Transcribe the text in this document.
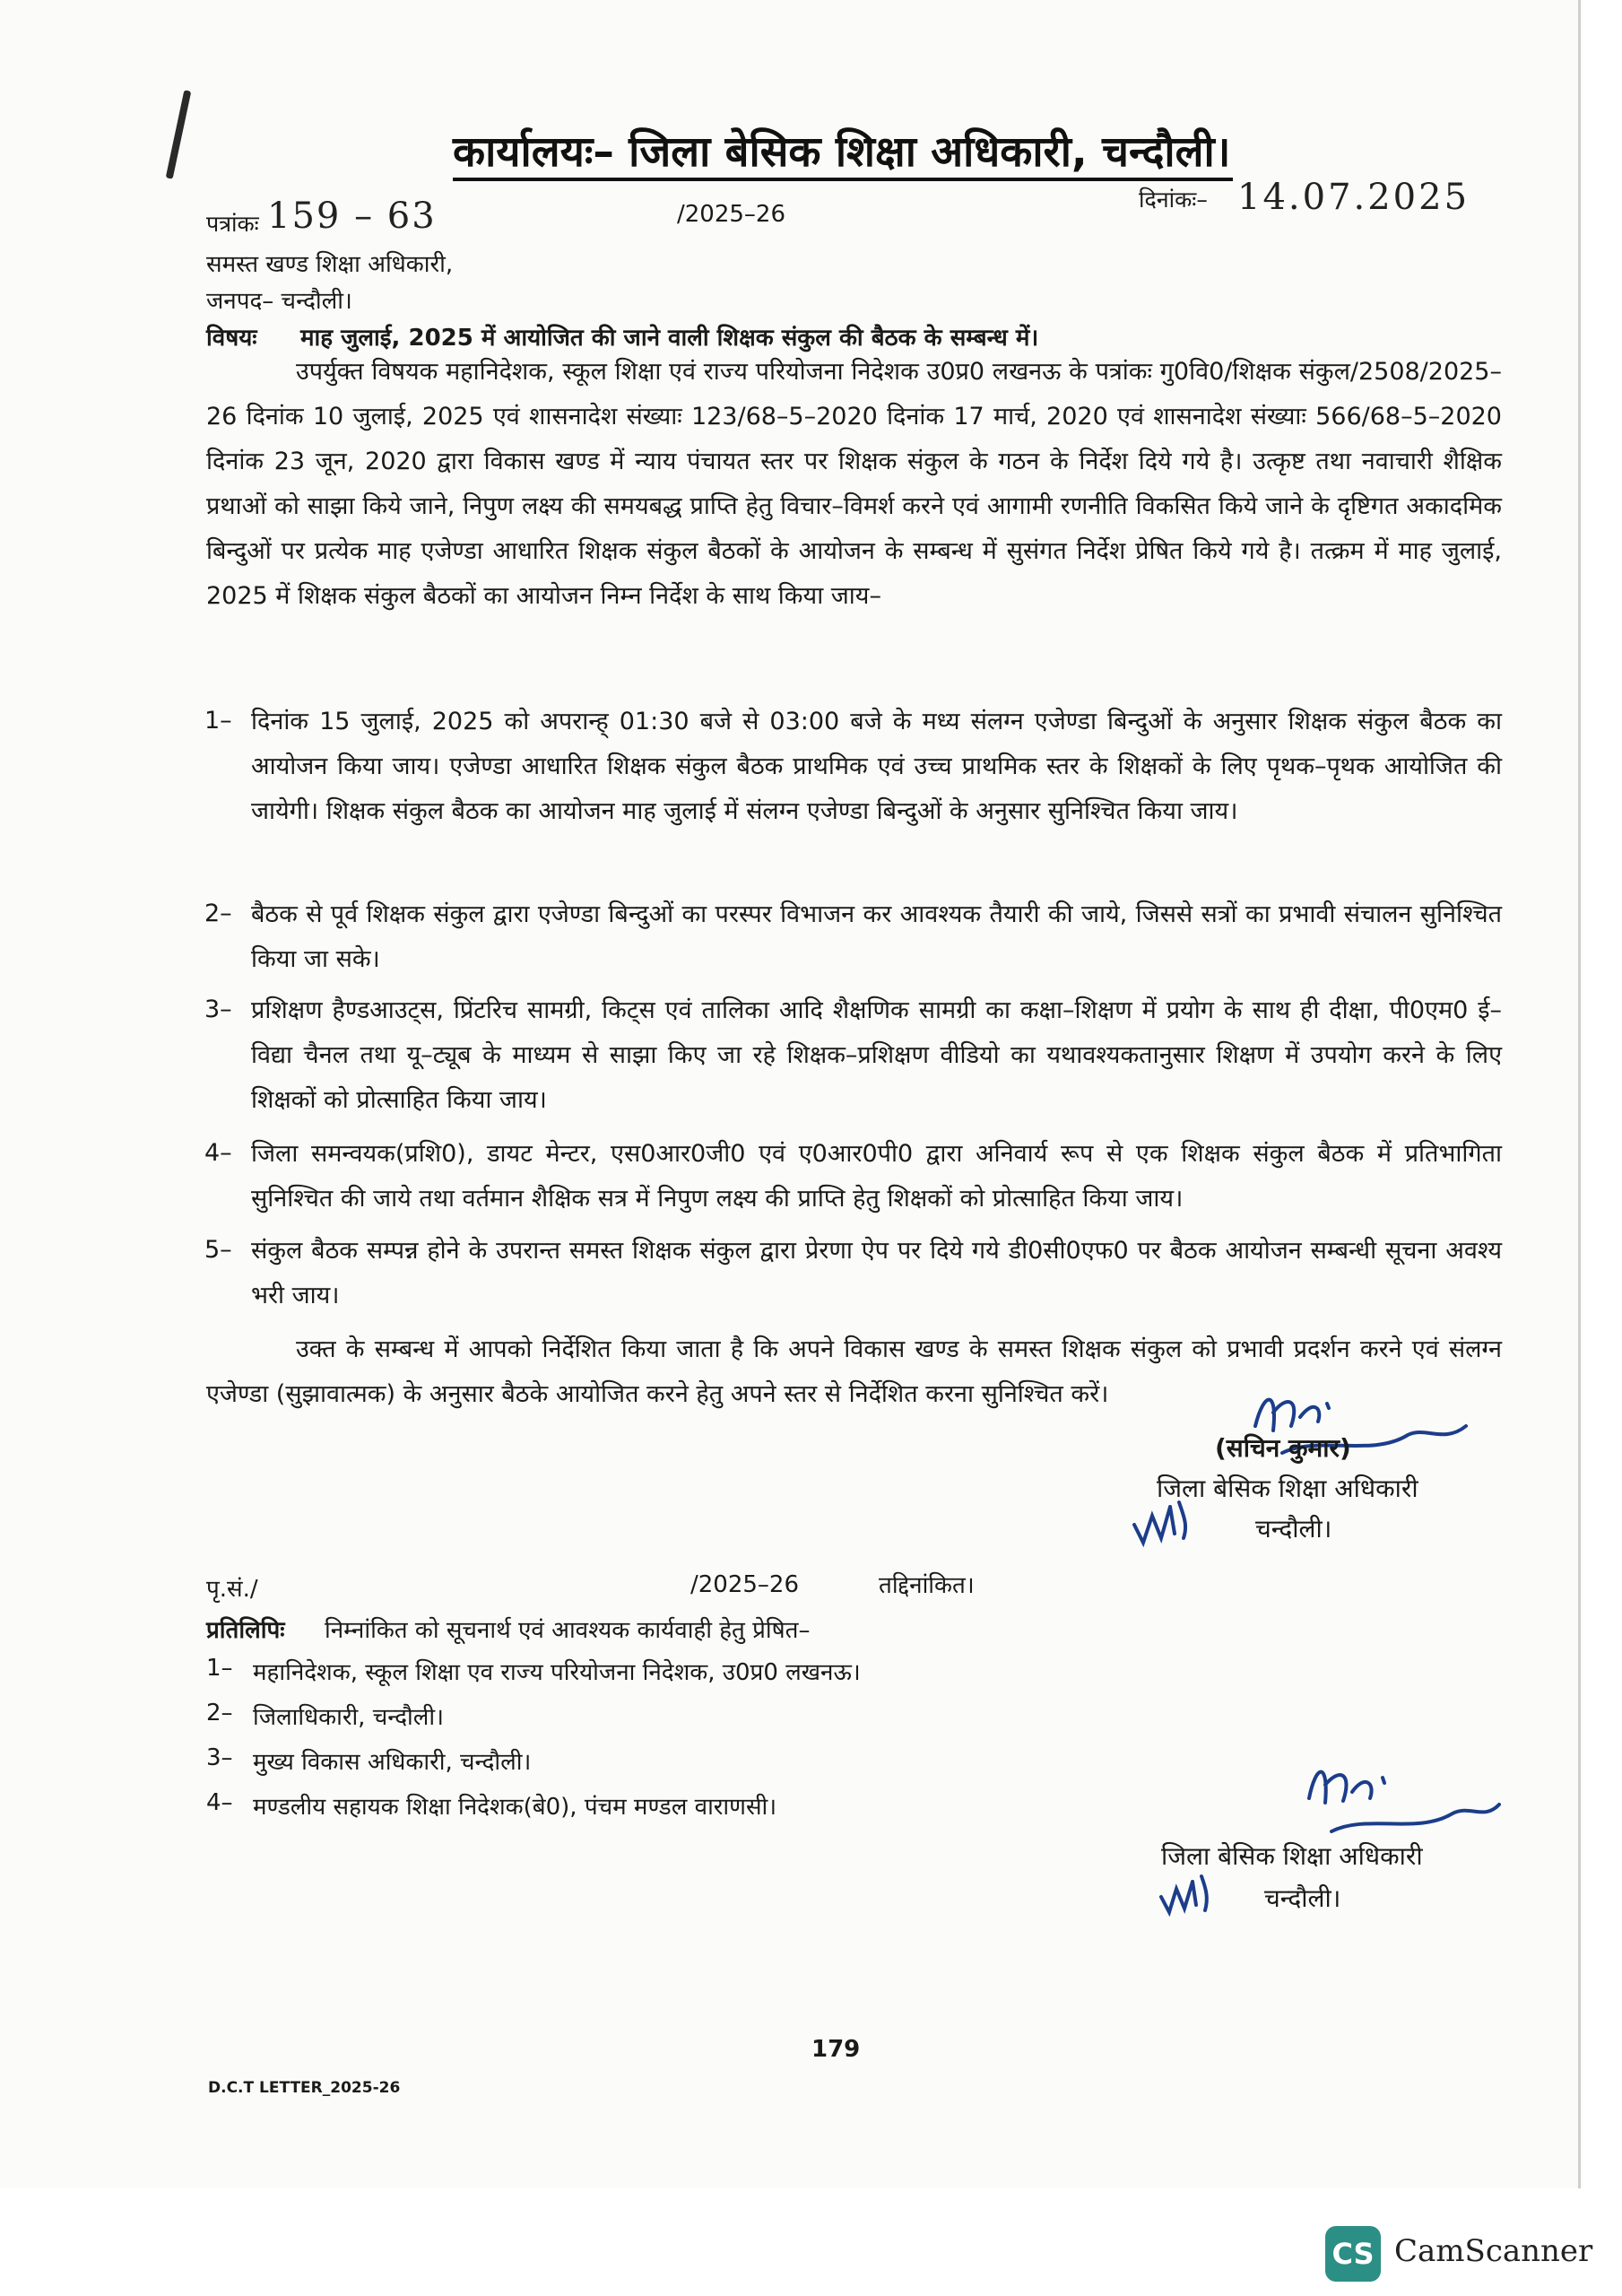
कार्यालयः– जिला बेसिक शिक्षा अधिकारी, चन्दौली।
दिनांकः– 14.07.2025
पत्रांकः 159 – 63	/2025–26
समस्त खण्ड शिक्षा अधिकारी,
जनपद– चन्दौली।
विषयः माह जुलाई, 2025 में आयोजित की जाने वाली शिक्षक संकुल की बैठक के सम्बन्ध में।
उपर्युक्त विषयक महानिदेशक, स्कूल शिक्षा एवं राज्य परियोजना निदेशक उ0प्र0 लखनऊ के पत्रांकः गु0वि0/शिक्षक संकुल/2508/2025–26 दिनांक 10 जुलाई, 2025 एवं शासनादेश संख्याः 123/68–5–2020 दिनांक 17 मार्च, 2020 एवं शासनादेश संख्याः 566/68–5–2020 दिनांक 23 जून, 2020 द्वारा विकास खण्ड में न्याय पंचायत स्तर पर शिक्षक संकुल के गठन के निर्देश दिये गये है। उत्कृष्ट तथा नवाचारी शैक्षिक प्रथाओं को साझा किये जाने, निपुण लक्ष्य की समयबद्ध प्राप्ति हेतु विचार–विमर्श करने एवं आगामी रणनीति विकसित किये जाने के दृष्टिगत अकादमिक बिन्दुओं पर प्रत्येक माह एजेण्डा आधारित शिक्षक संकुल बैठकों के आयोजन के सम्बन्ध में सुसंगत निर्देश प्रेषित किये गये है। तत्क्रम में माह जुलाई, 2025 में शिक्षक संकुल बैठकों का आयोजन निम्न निर्देश के साथ किया जाय–
1– दिनांक 15 जुलाई, 2025 को अपरान्ह् 01:30 बजे से 03:00 बजे के मध्य संलग्न एजेण्डा बिन्दुओं के अनुसार शिक्षक संकुल बैठक का आयोजन किया जाय। एजेण्डा आधारित शिक्षक संकुल बैठक प्राथमिक एवं उच्च प्राथमिक स्तर के शिक्षकों के लिए पृथक–पृथक आयोजित की जायेगी। शिक्षक संकुल बैठक का आयोजन माह जुलाई में संलग्न एजेण्डा बिन्दुओं के अनुसार सुनिश्चित किया जाय।
2– बैठक से पूर्व शिक्षक संकुल द्वारा एजेण्डा बिन्दुओं का परस्पर विभाजन कर आवश्यक तैयारी की जाये, जिससे सत्रों का प्रभावी संचालन सुनिश्चित किया जा सके।
3– प्रशिक्षण हैण्डआउट्स, प्रिंटरिच सामग्री, किट्स एवं तालिका आदि शैक्षणिक सामग्री का कक्षा–शिक्षण में प्रयोग के साथ ही दीक्षा, पी0एम0 ई–विद्या चैनल तथा यू–ट्यूब के माध्यम से साझा किए जा रहे शिक्षक–प्रशिक्षण वीडियो का यथावश्यकतानुसार शिक्षण में उपयोग करने के लिए शिक्षकों को प्रोत्साहित किया जाय।
4– जिला समन्वयक(प्रशि0), डायट मेन्टर, एस0आर0जी0 एवं ए0आर0पी0 द्वारा अनिवार्य रूप से एक शिक्षक संकुल बैठक में प्रतिभागिता सुनिश्चित की जाये तथा वर्तमान शैक्षिक सत्र में निपुण लक्ष्य की प्राप्ति हेतु शिक्षकों को प्रोत्साहित किया जाय।
5– संकुल बैठक सम्पन्न होने के उपरान्त समस्त शिक्षक संकुल द्वारा प्रेरणा ऐप पर दिये गये डी0सी0एफ0 पर बैठक आयोजन सम्बन्धी सूचना अवश्य भरी जाय।
उक्त के सम्बन्ध में आपको निर्देशित किया जाता है कि अपने विकास खण्ड के समस्त शिक्षक संकुल को प्रभावी प्रदर्शन करने एवं संलग्न एजेण्डा (सुझावात्मक) के अनुसार बैठके आयोजित करने हेतु अपने स्तर से निर्देशित करना सुनिश्चित करें।
(सचिन कुमार)
जिला बेसिक शिक्षा अधिकारी
चन्दौली।
पृ.सं./	/2025–26	तद्दिनांकित।
प्रतिलिपिः निम्नांकित को सूचनार्थ एवं आवश्यक कार्यवाही हेतु प्रेषित–
1– महानिदेशक, स्कूल शिक्षा एव राज्य परियोजना निदेशक, उ0प्र0 लखनऊ।
2– जिलाधिकारी, चन्दौली।
3– मुख्य विकास अधिकारी, चन्दौली।
4– मण्डलीय सहायक शिक्षा निदेशक(बे0), पंचम मण्डल वाराणसी।
जिला बेसिक शिक्षा अधिकारी
चन्दौली।
179
D.C.T LETTER_2025-26
CS CamScanner
